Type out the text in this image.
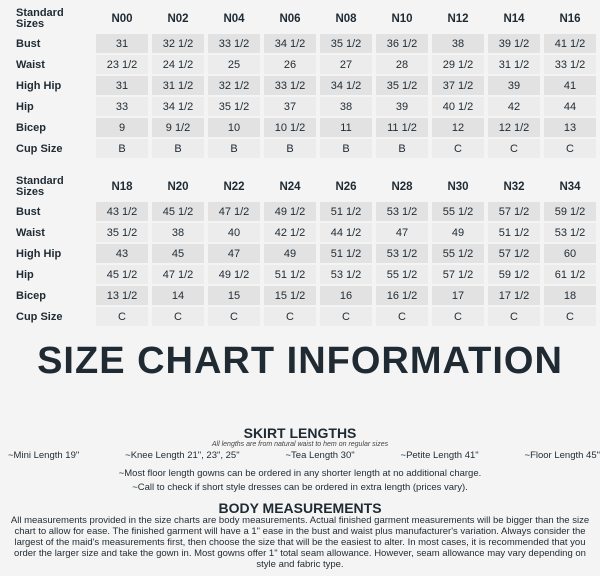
Standard Sizes	N00	N02	N04	N06	N08	N10	N12	N14	N16
Bust	31	32 1/2	33 1/2	34 1/2	35 1/2	36 1/2	38	39 1/2	41 1/2
Waist	23 1/2	24 1/2	25	26	27	28	29 1/2	31 1/2	33 1/2
High Hip	31	31 1/2	32 1/2	33 1/2	34 1/2	35 1/2	37 1/2	39	41
Hip	33	34 1/2	35 1/2	37	38	39	40 1/2	42	44
Bicep	9	9 1/2	10	10 1/2	11	11 1/2	12	12 1/2	13
Cup Size	B	B	B	B	B	B	C	C	C
Standard Sizes	N18	N20	N22	N24	N26	N28	N30	N32	N34
Bust	43 1/2	45 1/2	47 1/2	49 1/2	51 1/2	53 1/2	55 1/2	57 1/2	59 1/2
Waist	35 1/2	38	40	42 1/2	44 1/2	47	49	51 1/2	53 1/2
High Hip	43	45	47	49	51 1/2	53 1/2	55 1/2	57 1/2	60
Hip	45 1/2	47 1/2	49 1/2	51 1/2	53 1/2	55 1/2	57 1/2	59 1/2	61 1/2
Bicep	13 1/2	14	15	15 1/2	16	16 1/2	17	17 1/2	18
Cup Size	C	C	C	C	C	C	C	C	C
SIZE CHART INFORMATION
SKIRT LENGTHS
All lengths are from natural waist to hem on regular sizes
~Mini Length 19"	~Knee Length 21", 23", 25"	~Tea Length 30"	~Petite Length 41"	~Floor Length 45"
~Most floor length gowns can be ordered in any shorter length at no additional charge.
~Call to check if short style dresses can be ordered in extra length (prices vary).
BODY MEASUREMENTS
All measurements provided in the size charts are body measurements. Actual finished garment measurements will be bigger than the size chart to allow for ease. The finished garment will have a 1" ease in the bust and waist plus manufacturer's variation. Always consider the largest of the maid's measurements first, then choose the size that will be the easiest to alter. In most cases, it is recommended that you order the larger size and take the gown in. Most gowns offer 1" total seam allowance. However, seam allowance may vary depending on style and fabric type.
